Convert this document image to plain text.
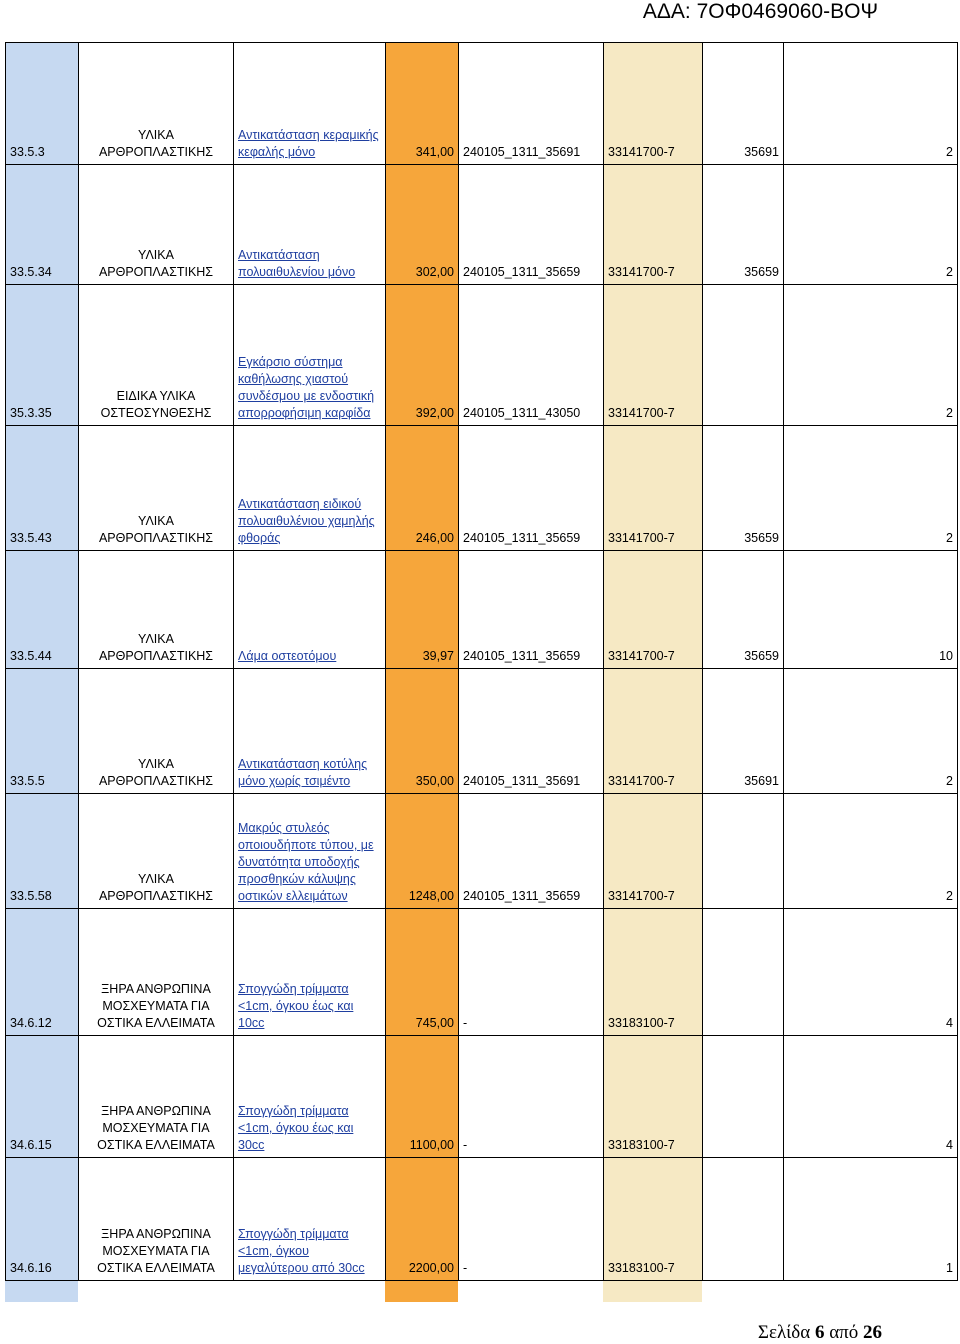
ΑΔΑ: 7ΟΦ0469060-ΒΟΨ
33.5.3	ΥΛΙΚΑ ΑΡΘΡΟΠΛΑΣΤΙΚΗΣ	Αντικατάσταση κεραμικής κεφαλής μόνο	341,00	240105_1311_35691	33141700-7	35691	2
33.5.34	ΥΛΙΚΑ ΑΡΘΡΟΠΛΑΣΤΙΚΗΣ	Αντικατάσταση πολυαιθυλενίου μόνο	302,00	240105_1311_35659	33141700-7	35659	2
35.3.35	ΕΙΔΙΚΑ ΥΛΙΚΑ ΟΣΤΕΟΣΥΝΘΕΣΗΣ	Εγκάρσιο σύστημα καθήλωσης χιαστού συνδέσμου με ενδοστική απορροφήσιμη καρφίδα	392,00	240105_1311_43050	33141700-7		2
33.5.43	ΥΛΙΚΑ ΑΡΘΡΟΠΛΑΣΤΙΚΗΣ	Αντικατάσταση ειδικού πολυαιθυλένιου χαμηλής φθοράς	246,00	240105_1311_35659	33141700-7	35659	2
33.5.44	ΥΛΙΚΑ ΑΡΘΡΟΠΛΑΣΤΙΚΗΣ	Λάμα οστεοτόμου	39,97	240105_1311_35659	33141700-7	35659	10
33.5.5	ΥΛΙΚΑ ΑΡΘΡΟΠΛΑΣΤΙΚΗΣ	Αντικατάσταση κοτύλης μόνο χωρίς τσιμέντο	350,00	240105_1311_35691	33141700-7	35691	2
33.5.58	ΥΛΙΚΑ ΑΡΘΡΟΠΛΑΣΤΙΚΗΣ	Μακρύς στυλεός οποιουδήποτε τύπου, με δυνατότητα υποδοχής προσθηκών κάλυψης οστικών ελλειμάτων	1248,00	240105_1311_35659	33141700-7		2
34.6.12	ΞΗΡΑ ΑΝΘΡΩΠΙΝΑ ΜΟΣΧΕΥΜΑΤΑ ΓΙΑ ΟΣΤΙΚΑ ΕΛΛΕΙΜΑΤΑ	Σπογγώδη τρίμματα <1cm, όγκου έως και 10cc	745,00	-	33183100-7		4
34.6.15	ΞΗΡΑ ΑΝΘΡΩΠΙΝΑ ΜΟΣΧΕΥΜΑΤΑ ΓΙΑ ΟΣΤΙΚΑ ΕΛΛΕΙΜΑΤΑ	Σπογγώδη τρίμματα <1cm, όγκου έως και 30cc	1100,00	-	33183100-7		4
34.6.16	ΞΗΡΑ ΑΝΘΡΩΠΙΝΑ ΜΟΣΧΕΥΜΑΤΑ ΓΙΑ ΟΣΤΙΚΑ ΕΛΛΕΙΜΑΤΑ	Σπογγώδη τρίμματα <1cm, όγκου μεγαλύτερου από 30cc	2200,00	-	33183100-7		1
Σελίδα 6 από 26
